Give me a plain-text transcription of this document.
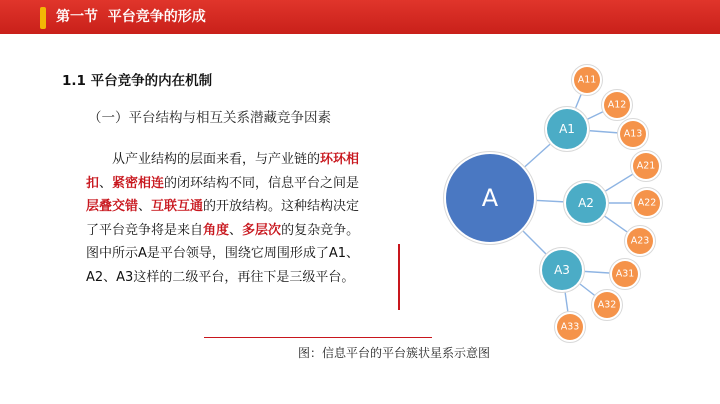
第一节  平台竞争的形成
1.1 平台竞争的内在机制
（一）平台结构与相互关系潜藏竞争因素

从产业结构的层面来看，与产业链的环环相扣、紧密相连的闭环结构不同，信息平台之间是层叠交错、互联互通的开放结构。这种结构决定了平台竞争将是来自角度、多层次的复杂竞争。图中所示A是平台领导，围绕它周围形成了A1、A2、A3这样的二级平台，再往下是三级平台。

图：信息平台的平台簇状星系示意图
A
A1
A11
A12
A13
A2
A21
A22
A23
A3	A31
A32
A33
